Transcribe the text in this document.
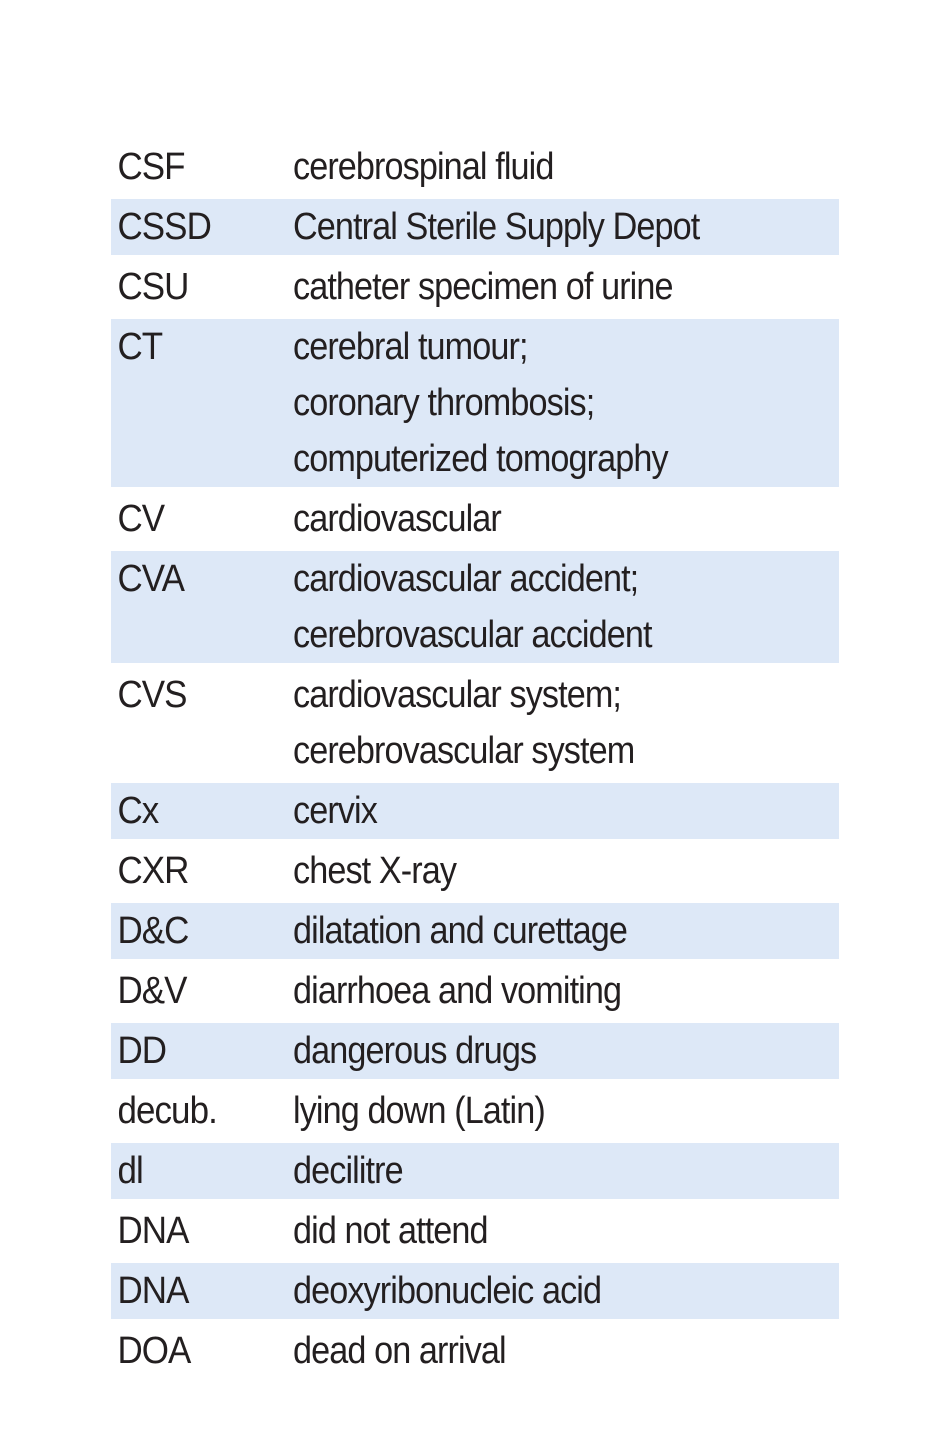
CSF	cerebrospinal fluid
CSSD	Central Sterile Supply Depot
CSU	catheter specimen of urine
CT	cerebral tumour;
coronary thrombosis;
computerized tomography
CV	cardiovascular
CVA	cardiovascular accident;
cerebrovascular accident
CVS	cardiovascular system;
cerebrovascular system
Cx	cervix
CXR	chest X-ray
D&C	dilatation and curettage
D&V	diarrhoea and vomiting
DD	dangerous drugs
decub.	lying down (Latin)
dl	decilitre
DNA	did not attend
DNA	deoxyribonucleic acid
DOA	dead on arrival
